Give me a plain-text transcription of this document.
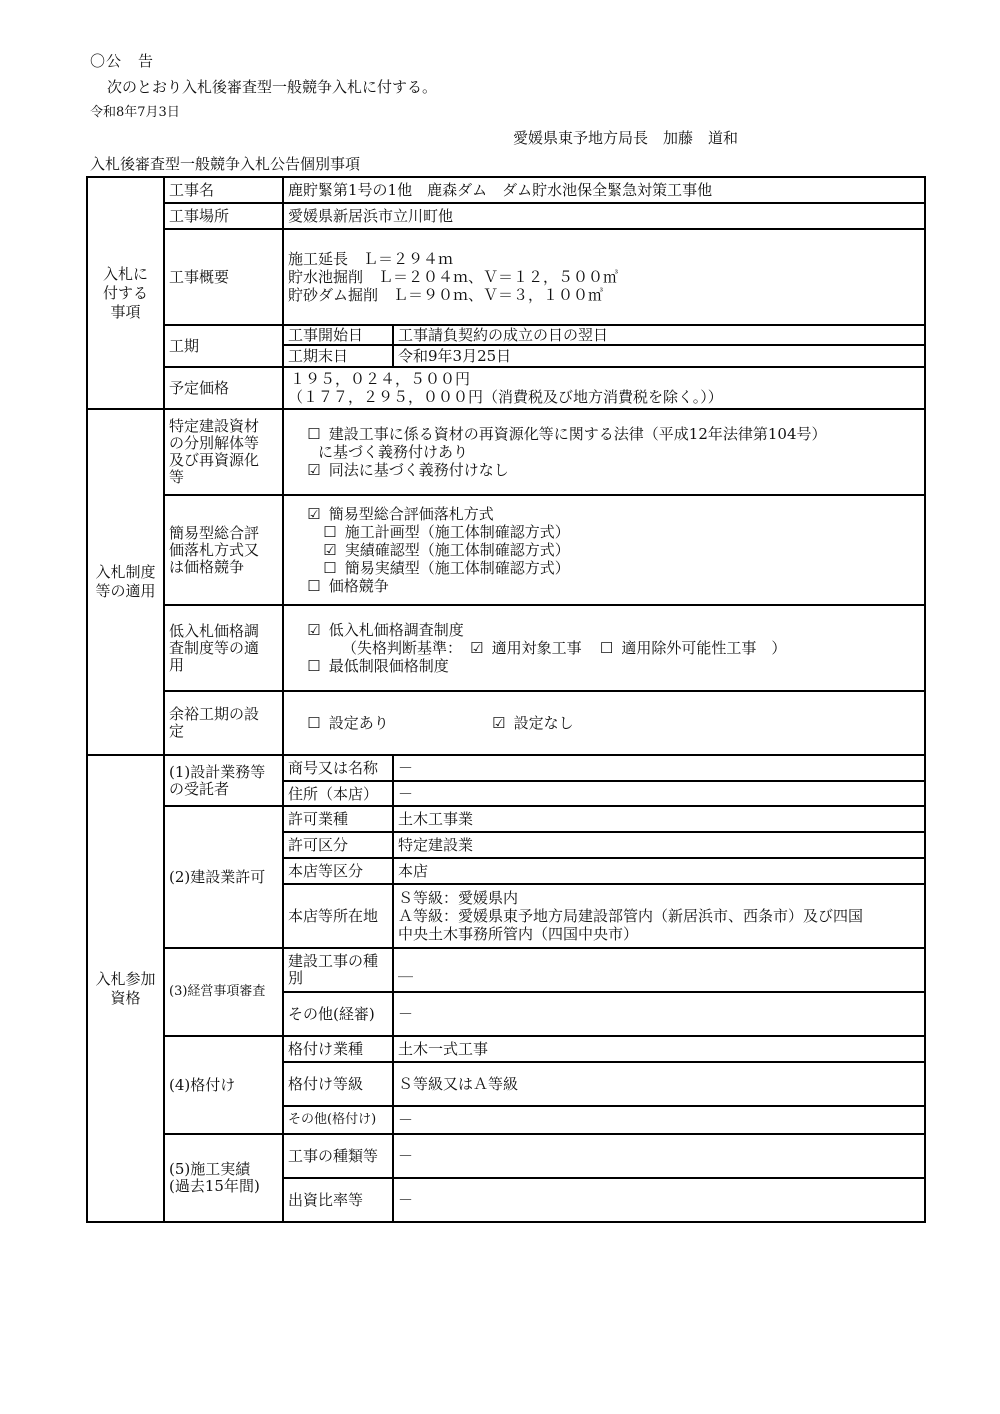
〇公　告
次のとおり入札後審査型一般競争入札に付する。
令和8年7月3日
愛媛県東予地方局長　加藤　道和
入札後審査型一般競争入札公告個別事項
入札に
付する
事項	工事名	鹿貯緊第1号の1他　鹿森ダム　ダム貯水池保全緊急対策工事他	
	工事場所	愛媛県新居浜市立川町他	
	工事概要	施工延長　Ｌ＝２９４ｍ
貯水池掘削　Ｌ＝２０４ｍ、Ｖ＝１２，５００㎥
貯砂ダム掘削　Ｌ＝９０ｍ、Ｖ＝３，１００㎥	

	工期	工事開始日	工事請負契約の成立の日の翌日
		工期末日	令和9年3月25日
	予定価格	１９５，０２４，５００円
（１７７，２９５，０００円（消費税及び地方消費税を除く。））	

入札制度
等の適用	特定建設資材
の分別解体等
及び再資源化
等	☐ 建設工事に係る資材の再資源化等に関する法律（平成12年法律第104号）
に基づく義務付けあり
☑ 同法に基づく義務付けなし	

	簡易型総合評
価落札方式又
は価格競争	☑ 簡易型総合評価落札方式
☐ 施工計画型（施工体制確認方式）
☑ 実績確認型（施工体制確認方式）
☐ 簡易実績型（施工体制確認方式）
☐ 価格競争	

	低入札価格調
査制度等の適
用	☑ 低入札価格調査制度
（失格判断基準： ☑ 適用対象工事　 ☐ 適用除外可能性工事　）
☐ 最低制限価格制度	

	余裕工期の設
定	☐ 設定あり ☑ 設定なし	
入札参加
資格	(1)設計業務等
の受託者	商号又は名称	－
		住所（本店）	－
	(2)建設業許可	許可業種	土木工事業
		許可区分	特定建設業
		本店等区分	本店
		本店等所在地	Ｓ等級：愛媛県内
Ａ等級：愛媛県東予地方局建設部管内（新居浜市、西条市）及び四国
中央土木事務所管内（四国中央市）

	(3)経営事項審査	建設工事の種
別	＿
		その他(経審)	－
	(4)格付け	格付け業種	土木一式工事
		格付け等級	Ｓ等級又はＡ等級
		その他(格付け)	－
	(5)施工実績
(過去15年間)	工事の種類等	－
		出資比率等	－
